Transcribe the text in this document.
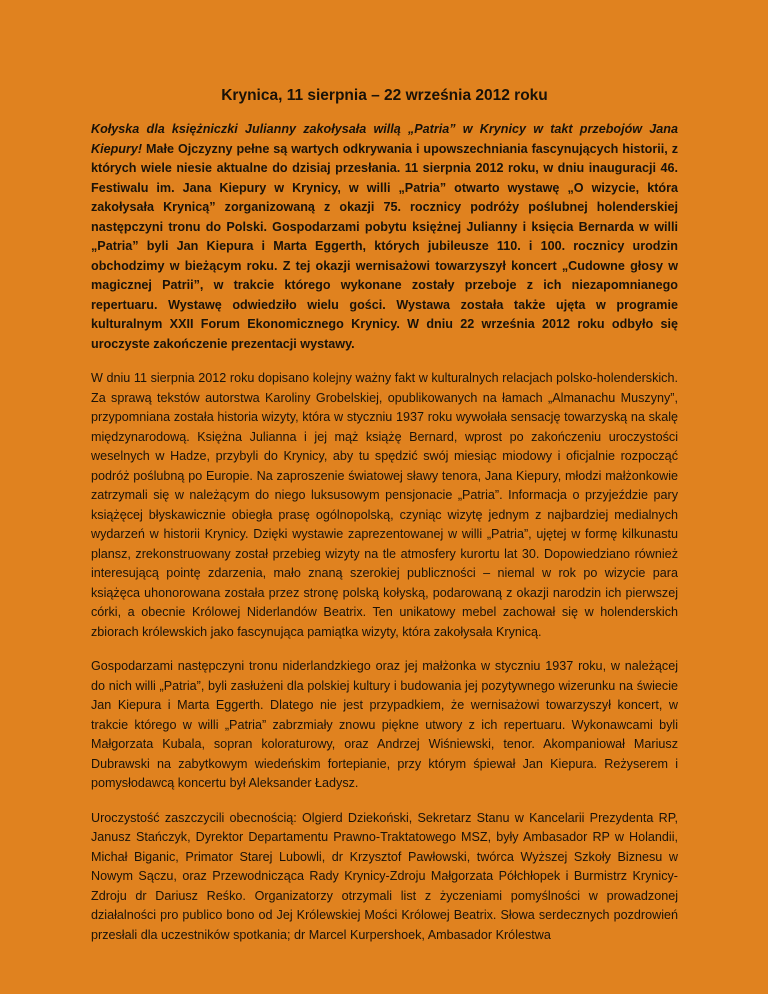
Krynica, 11 sierpnia – 22 września 2012 roku

Kołyska dla księżniczki Julianny zakołysała willą „Patria” w Krynicy w takt przebojów Jana Kiepury! Małe Ojczyzny pełne są wartych odkrywania i upowszechniania fascynujących historii, z których wiele niesie aktualne do dzisiaj przesłania. 11 sierpnia 2012 roku, w dniu inauguracji 46. Festiwalu im. Jana Kiepury w Krynicy, w willi „Patria” otwarto wystawę „O wizycie, która zakołysała Krynicą” zorganizowaną z okazji 75. rocznicy podróży poślubnej holenderskiej następczyni tronu do Polski. Gospodarzami pobytu księżnej Julianny i księcia Bernarda w willi „Patria” byli Jan Kiepura i Marta Eggerth, których jubileusze 110. i 100. rocznicy urodzin obchodzimy w bieżącym roku. Z tej okazji wernisażowi towarzyszył koncert „Cudowne głosy w magicznej Patrii”, w trakcie którego wykonane zostały przeboje z ich niezapomnianego repertuaru. Wystawę odwiedziło wielu gości. Wystawa została także ujęta w programie kulturalnym XXII Forum Ekonomicznego Krynicy. W dniu 22 września 2012 roku odbyło się uroczyste zakończenie prezentacji wystawy.

W dniu 11 sierpnia 2012 roku dopisano kolejny ważny fakt w kulturalnych relacjach polsko-holenderskich. Za sprawą tekstów autorstwa Karoliny Grobelskiej, opublikowanych na łamach „Almanachu Muszyny”, przypomniana została historia wizyty, która w styczniu 1937 roku wywołała sensację towarzyską na skalę międzynarodową. Księżna Julianna i jej mąż książę Bernard, wprost po zakończeniu uroczystości weselnych w Hadze, przybyli do Krynicy, aby tu spędzić swój miesiąc miodowy i oficjalnie rozpocząć podróż poślubną po Europie. Na zaproszenie światowej sławy tenora, Jana Kiepury, młodzi małżonkowie zatrzymali się w należącym do niego luksusowym pensjonacie „Patria”. Informacja o przyjeździe pary książęcej błyskawicznie obiegła prasę ogólnopolską, czyniąc wizytę jednym z najbardziej medialnych wydarzeń w historii Krynicy. Dzięki wystawie zaprezentowanej w willi „Patria”, ujętej w formę kilkunastu plansz, zrekonstruowany został przebieg wizyty na tle atmosfery kurortu lat 30. Dopowiedziano również interesującą pointę zdarzenia, mało znaną szerokiej publiczności – niemal w rok po wizycie para książęca uhonorowana została przez stronę polską kołyską, podarowaną z okazji narodzin ich pierwszej córki, a obecnie Królowej Niderlandów Beatrix. Ten unikatowy mebel zachował się w holenderskich zbiorach królewskich jako fascynująca pamiątka wizyty, która zakołysała Krynicą.

Gospodarzami następczyni tronu niderlandzkiego oraz jej małżonka w styczniu 1937 roku, w należącej do nich willi „Patria”, byli zasłużeni dla polskiej kultury i budowania jej pozytywnego wizerunku na świecie Jan Kiepura i Marta Eggerth. Dlatego nie jest przypadkiem, że wernisażowi towarzyszył koncert, w trakcie którego w willi „Patria” zabrzmiały znowu piękne utwory z ich repertuaru. Wykonawcami byli Małgorzata Kubala, sopran koloraturowy, oraz Andrzej Wiśniewski, tenor. Akompaniował Mariusz Dubrawski na zabytkowym wiedeńskim fortepianie, przy którym śpiewał Jan Kiepura. Reżyserem i pomysłodawcą koncertu był Aleksander Ładysz.

Uroczystość zaszczycili obecnością: Olgierd Dziekoński, Sekretarz Stanu w Kancelarii Prezydenta RP, Janusz Stańczyk, Dyrektor Departamentu Prawno-Traktatowego MSZ, były Ambasador RP w Holandii, Michał Biganic, Primator Starej Lubowli, dr Krzysztof Pawłowski, twórca Wyższej Szkoły Biznesu w Nowym Sączu, oraz Przewodnicząca Rady Krynicy-Zdroju Małgorzata Półchłopek i Burmistrz Krynicy-Zdroju dr Dariusz Reśko. Organizatorzy otrzymali list z życzeniami pomyślności w prowadzonej działalności pro publico bono od Jej Królewskiej Mości Królowej Beatrix. Słowa serdecznych pozdrowień przesłali dla uczestników spotkania; dr Marcel Kurpershoek, Ambasador Królestwa
